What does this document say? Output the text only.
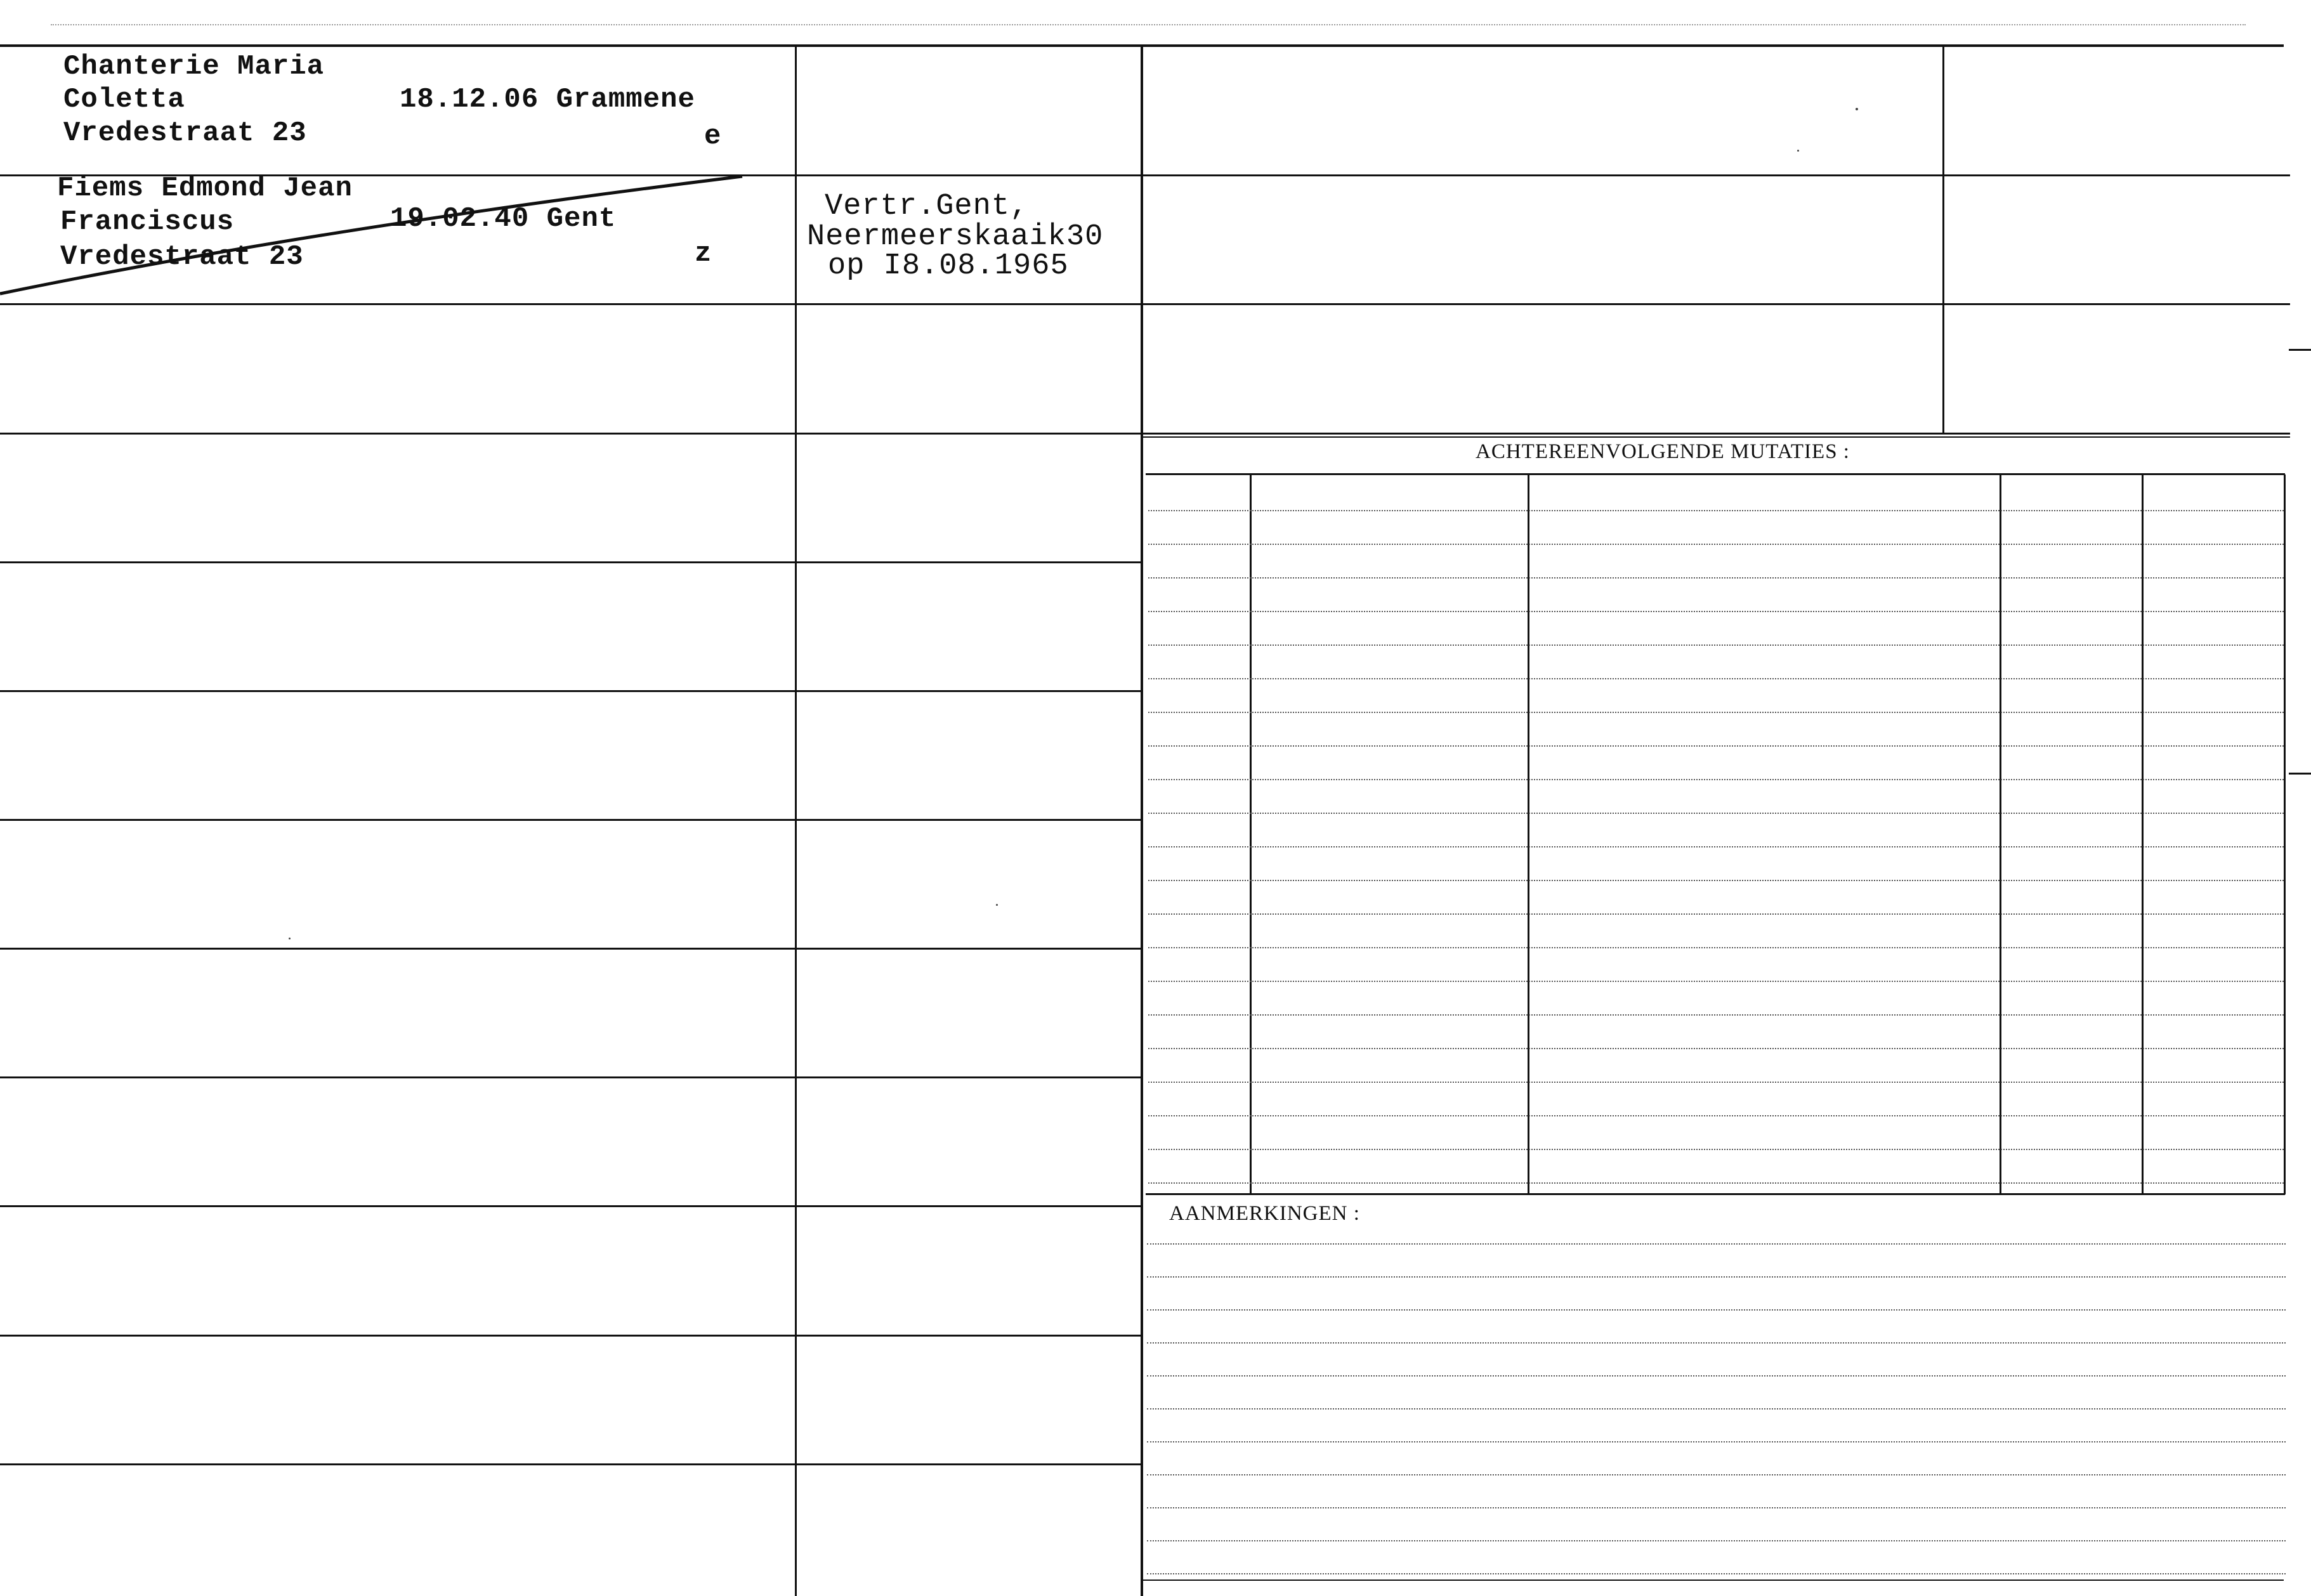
Chanterie Maria
Coletta
Vredestraat 23
18.12.06 Grammene
e
Fiems Edmond Jean
Franciscus
Vredestraat 23
19.02.40 Gent
z
Vertr.Gent,
Neermeerskaaik30
op I8.08.1965
ACHTEREENVOLGENDE MUTATIES :
AANMERKINGEN :
